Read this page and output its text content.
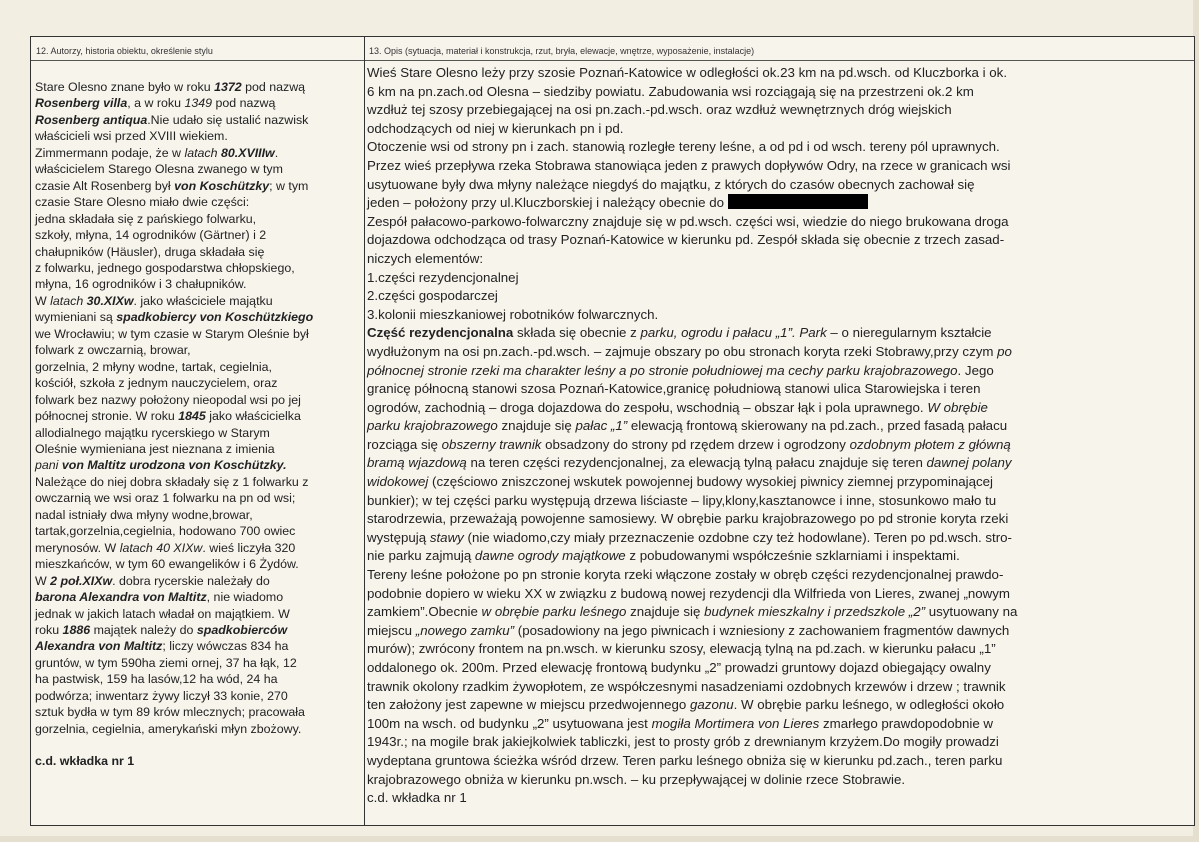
12. Autorzy, historia obiektu, określenie stylu	13. Opis (sytuacja, materiał i konstrukcja, rzut, bryła, elewacje, wnętrze, wyposażenie, instalacje)
Stare Olesno znane było w roku 1372 pod nazwą
Rosenberg villa, a w roku 1349 pod nazwą
Rosenberg antiqua.Nie udało się ustalić nazwisk
właścicieli wsi przed XVIII wiekiem.
Zimmermann podaje, że w latach 80.XVIIIw.
właścicielem Starego Olesna zwanego w tym
czasie Alt Rosenberg był von Koschützky; w tym
czasie Stare Olesno miało dwie części:
jedna składała się z pańskiego folwarku,
szkoły, młyna, 14 ogrodników (Gärtner) i 2
chałupników (Häusler), druga składała się
z folwarku, jednego gospodarstwa chłopskiego,
młyna, 16 ogrodników i 3 chałupników.
W latach 30.XIXw. jako właściciele majątku
wymieniani są spadkobiercy von Koschützkiego
we Wrocławiu; w tym czasie w Starym Oleśnie był
folwark z owczarnią, browar,
gorzelnia, 2 młyny wodne, tartak, cegielnia,
kościół, szkoła z jednym nauczycielem, oraz
folwark bez nazwy położony nieopodal wsi po jej
północnej stronie. W roku 1845 jako właścicielka
allodialnego majątku rycerskiego w Starym
Oleśnie wymieniana jest nieznana z imienia
pani von Maltitz urodzona von Koschützky.
Należące do niej dobra składały się z 1 folwarku z
owczarnią we wsi oraz 1 folwarku na pn od wsi;
nadal istniały dwa młyny wodne,browar,
tartak,gorzelnia,cegielnia, hodowano 700 owiec
merynosów. W latach 40 XIXw. wieś liczyła 320
mieszkańców, w tym 60 ewangelików i 6 Żydów.
W 2 poł.XIXw. dobra rycerskie należały do
barona Alexandra von Maltitz, nie wiadomo
jednak w jakich latach władał on majątkiem. W
roku 1886 majątek należy do spadkobierców
Alexandra von Maltitz; liczy wówczas 834 ha
gruntów, w tym 590ha ziemi ornej, 37 ha łąk, 12
ha pastwisk, 159 ha lasów,12 ha wód, 24 ha
podwórza; inwentarz żywy liczył 33 konie, 270
sztuk bydła w tym 89 krów mlecznych; pracowała
gorzelnia, cegielnia, amerykański młyn zbożowy.
c.d. wkładka nr 1
Wieś Stare Olesno leży przy szosie Poznań-Katowice w odległości ok.23 km na pd.wsch. od Kluczborka i ok.
6 km na pn.zach.od Olesna – siedziby powiatu. Zabudowania wsi rozciągają się na przestrzeni ok.2 km
wzdłuż tej szosy przebiegającej na osi pn.zach.-pd.wsch. oraz wzdłuż wewnętrznych dróg wiejskich
odchodzących od niej w kierunkach pn i pd.
Otoczenie wsi od strony pn i zach. stanowią rozległe tereny leśne, a od pd i od wsch. tereny pól uprawnych.
Przez wieś przepływa rzeka Stobrawa stanowiąca jeden z prawych dopływów Odry, na rzece w granicach wsi
usytuowane były dwa młyny należące niegdyś do majątku, z których do czasów obecnych zachował się
jeden – położony przy ul.Kluczborskiej i należący obecnie do
Zespół pałacowo-parkowo-folwarczny znajduje się w pd.wsch. części wsi, wiedzie do niego brukowana droga
dojazdowa odchodząca od trasy Poznań-Katowice w kierunku pd. Zespół składa się obecnie z trzech zasad-
niczych elementów:
1.części rezydencjonalnej
2.części gospodarczej
3.kolonii mieszkaniowej robotników folwarcznych.
Część rezydencjonalna składa się obecnie z parku, ogrodu i pałacu „1”. Park – o nieregularnym kształcie
wydłużonym na osi pn.zach.-pd.wsch. – zajmuje obszary po obu stronach koryta rzeki Stobrawy,przy czym po
północnej stronie rzeki ma charakter leśny a po stronie południowej ma cechy parku krajobrazowego. Jego
granicę północną stanowi szosa Poznań-Katowice,granicę południową stanowi ulica Starowiejska i teren
ogrodów, zachodnią – droga dojazdowa do zespołu, wschodnią – obszar łąk i pola uprawnego. W obrębie
parku krajobrazowego znajduje się pałac „1” elewacją frontową skierowany na pd.zach., przed fasadą pałacu
rozciąga się obszerny trawnik obsadzony do strony pd rzędem drzew i ogrodzony ozdobnym płotem z główną
bramą wjazdową na teren części rezydencjonalnej, za elewacją tylną pałacu znajduje się teren dawnej polany
widokowej (częściowo zniszczonej wskutek powojennej budowy wysokiej piwnicy ziemnej przypominającej
bunkier); w tej części parku występują drzewa liściaste – lipy,klony,kasztanowce i inne, stosunkowo mało tu
starodrzewia, przeważają powojenne samosiewy. W obrębie parku krajobrazowego po pd stronie koryta rzeki
występują stawy (nie wiadomo,czy miały przeznaczenie ozdobne czy też hodowlane). Teren po pd.wsch. stro-
nie parku zajmują dawne ogrody majątkowe z pobudowanymi współcześnie szklarniami i inspektami.
Tereny leśne położone po pn stronie koryta rzeki włączone zostały w obręb części rezydencjonalnej prawdo-
podobnie dopiero w wieku XX w związku z budową nowej rezydencji dla Wilfrieda von Lieres, zwanej „nowym
zamkiem”.Obecnie w obrębie parku leśnego znajduje się budynek mieszkalny i przedszkole „2” usytuowany na
miejscu „nowego zamku” (posadowiony na jego piwnicach i wzniesiony z zachowaniem fragmentów dawnych
murów); zwrócony frontem na pn.wsch. w kierunku szosy, elewacją tylną na pd.zach. w kierunku pałacu „1”
oddalonego ok. 200m. Przed elewację frontową budynku „2” prowadzi gruntowy dojazd obiegający owalny
trawnik okolony rzadkim żywopłotem, ze współczesnymi nasadzeniami ozdobnych krzewów i drzew ; trawnik
ten założony jest zapewne w miejscu przedwojennego gazonu. W obrębie parku leśnego, w odległości około
100m na wsch. od budynku „2” usytuowana jest mogiła Mortimera von Lieres zmarłego prawdopodobnie w
1943r.; na mogile brak jakiejkolwiek tabliczki, jest to prosty grób z drewnianym krzyżem.Do mogiły prowadzi
wydeptana gruntowa ścieżka wśród drzew. Teren parku leśnego obniża się w kierunku pd.zach., teren parku
krajobrazowego obniża w kierunku pn.wsch. – ku przepływającej w dolinie rzece Stobrawie.
c.d. wkładka nr 1
